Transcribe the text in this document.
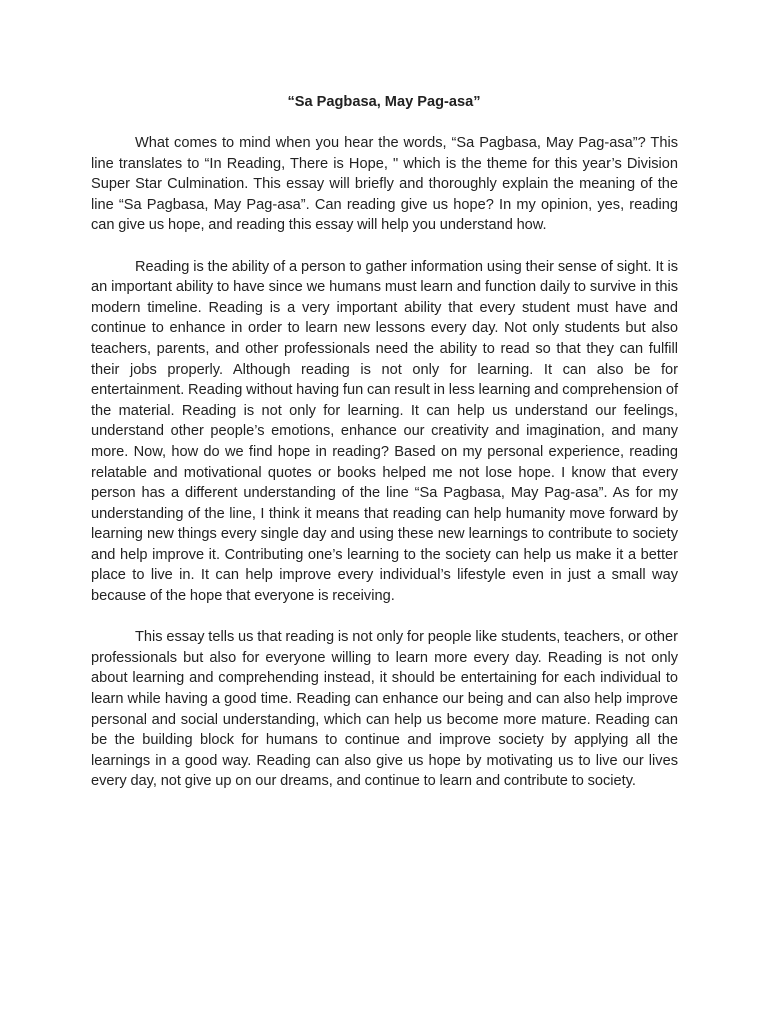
“Sa Pagbasa, May Pag-asa”

What comes to mind when you hear the words, “Sa Pagbasa, May Pag-asa”? This line translates to “In Reading, There is Hope, " which is the theme for this year’s Division Super Star Culmination. This essay will briefly and thoroughly explain the meaning of the line “Sa Pagbasa, May Pag-asa”. Can reading give us hope? In my opinion, yes, reading can give us hope, and reading this essay will help you understand how.

Reading is the ability of a person to gather information using their sense of sight. It is an important ability to have since we humans must learn and function daily to survive in this modern timeline. Reading is a very important ability that every student must have and continue to enhance in order to learn new lessons every day. Not only students but also teachers, parents, and other professionals need the ability to read so that they can fulfill their jobs properly. Although reading is not only for learning. It can also be for entertainment. Reading without having fun can result in less learning and comprehension of the material. Reading is not only for learning. It can help us understand our feelings, understand other people’s emotions, enhance our creativity and imagination, and many more. Now, how do we find hope in reading? Based on my personal experience, reading relatable and motivational quotes or books helped me not lose hope. I know that every person has a different understanding of the line “Sa Pagbasa, May Pag-asa”. As for my understanding of the line, I think it means that reading can help humanity move forward by learning new things every single day and using these new learnings to contribute to society and help improve it. Contributing one’s learning to the society can help us make it a better place to live in. It can help improve every individual’s lifestyle even in just a small way because of the hope that everyone is receiving.

This essay tells us that reading is not only for people like students, teachers, or other professionals but also for everyone willing to learn more every day. Reading is not only about learning and comprehending instead, it should be entertaining for each individual to learn while having a good time. Reading can enhance our being and can also help improve personal and social understanding, which can help us become more mature. Reading can be the building block for humans to continue and improve society by applying all the learnings in a good way. Reading can also give us hope by motivating us to live our lives every day, not give up on our dreams, and continue to learn and contribute to society.
